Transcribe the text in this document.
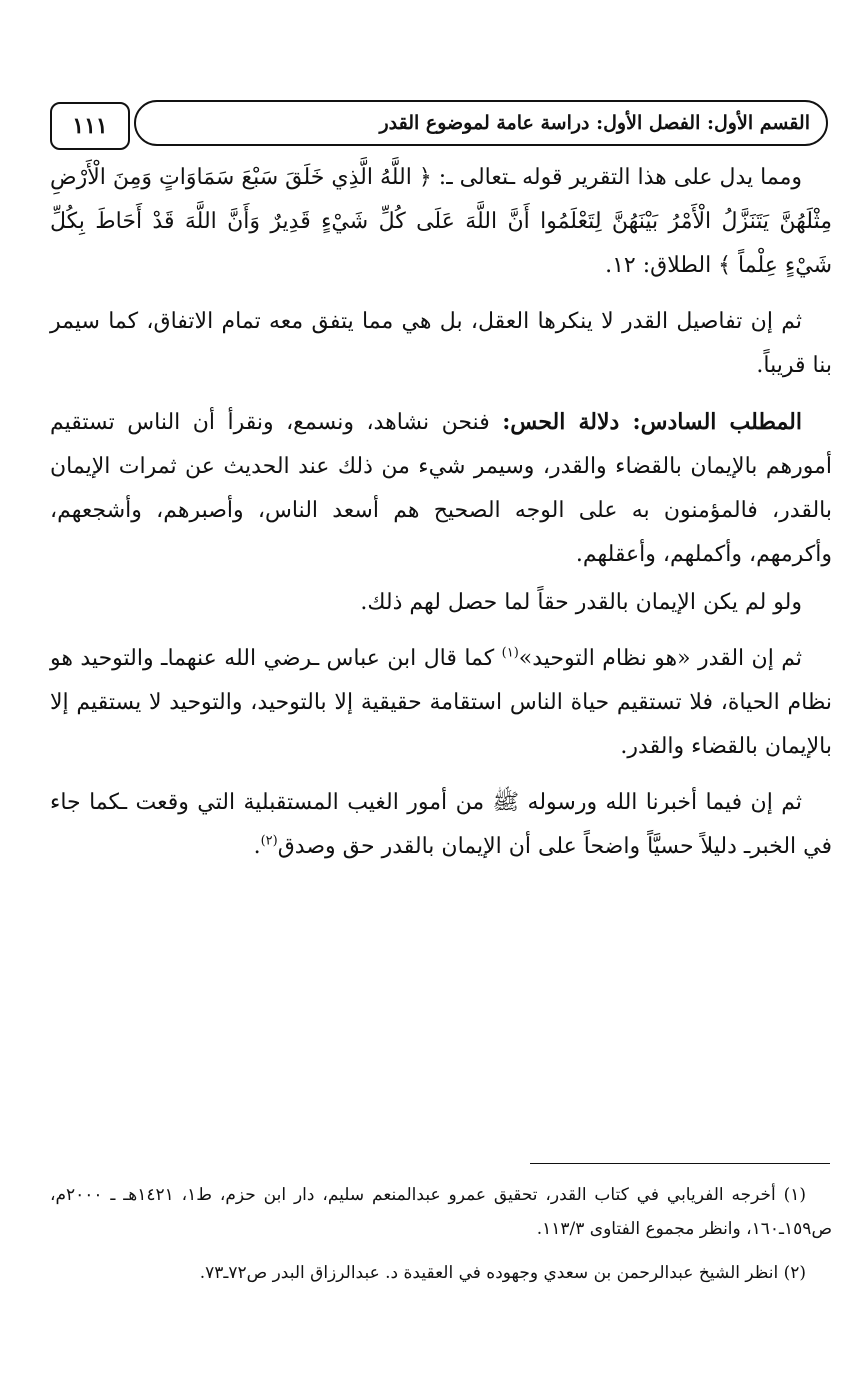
١١١	القسم الأول: الفصل الأول: دراسة عامة لموضوع القدر

ومما يدل على هذا التقرير قوله ـتعالى ـ: ﴿ اللَّهُ الَّذِي خَلَقَ سَبْعَ سَمَاوَاتٍ وَمِنَ الْأَرْضِ مِثْلَهُنَّ يَتَنَزَّلُ الْأَمْرُ بَيْنَهُنَّ لِتَعْلَمُوا أَنَّ اللَّهَ عَلَى كُلِّ شَيْءٍ قَدِيرٌ وَأَنَّ اللَّهَ قَدْ أَحَاطَ بِكُلِّ شَيْءٍ عِلْماً ﴾ الطلاق: ١٢.

ثم إن تفاصيل القدر لا ينكرها العقل، بل هي مما يتفق معه تمام الاتفاق، كما سيمر بنا قريباً.

المطلب السادس: دلالة الحس: فنحن نشاهد، ونسمع، ونقرأ أن الناس تستقيم أمورهم بالإيمان بالقضاء والقدر، وسيمر شيء من ذلك عند الحديث عن ثمرات الإيمان بالقدر، فالمؤمنون به على الوجه الصحيح هم أسعد الناس، وأصبرهم، وأشجعهم، وأكرمهم، وأكملهم، وأعقلهم.

ولو لم يكن الإيمان بالقدر حقاً لما حصل لهم ذلك.

ثم إن القدر «هو نظام التوحيد»$^{(١)}$ كما قال ابن عباس ـرضي الله عنهماـ والتوحيد هو نظام الحياة، فلا تستقيم حياة الناس استقامة حقيقية إلا بالتوحيد، والتوحيد لا يستقيم إلا بالإيمان بالقضاء والقدر.

ثم إن فيما أخبرنا الله ورسوله ﷺ من أمور الغيب المستقبلية التي وقعت ـكما جاء في الخبرـ دليلاً حسيَّاً واضحاً على أن الإيمان بالقدر حق وصدق$^{(٢)}$.

(١) أخرجه الفريابي في كتاب القدر، تحقيق عمرو عبدالمنعم سليم، دار ابن حزم، ط١، ١٤٢١هـ ـ ٢٠٠٠م، ص١٥٩ـ١٦٠، وانظر مجموع الفتاوى ١١٣/٣.

(٢) انظر الشيخ عبدالرحمن بن سعدي وجهوده في العقيدة د. عبدالرزاق البدر ص٧٢ـ٧٣.
